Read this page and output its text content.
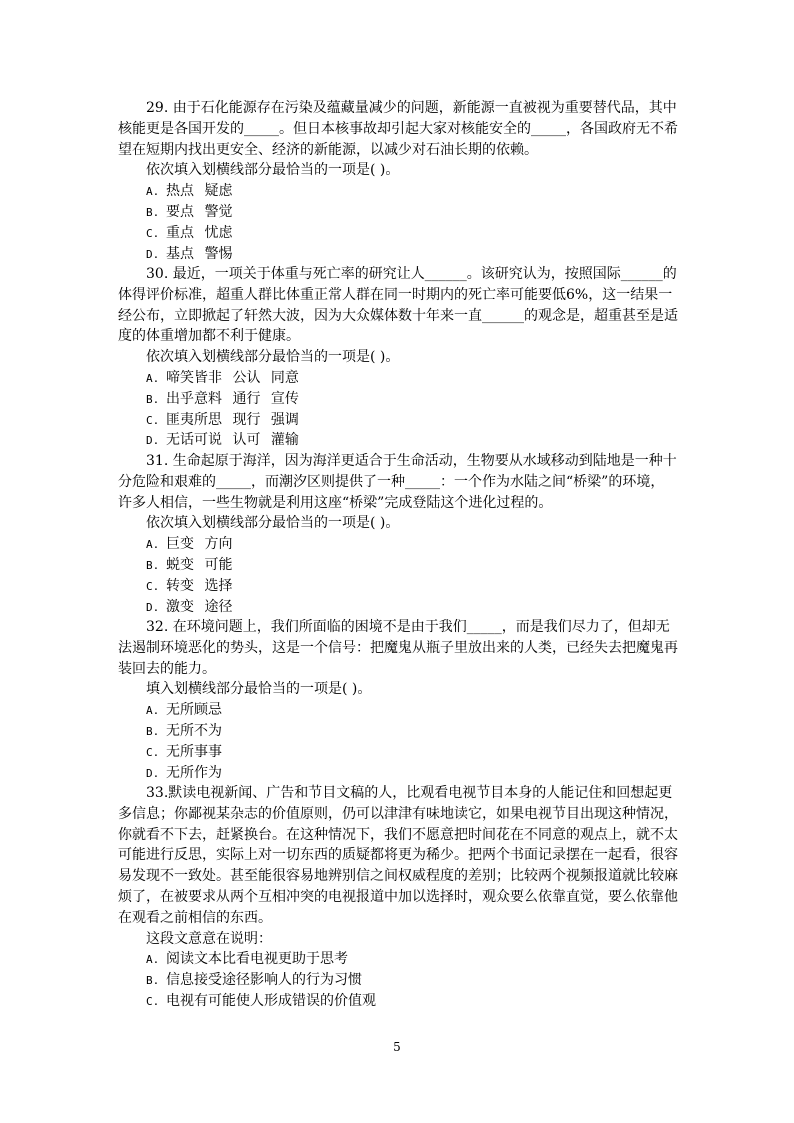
29. 由于石化能源存在污染及蕴藏量减少的问题，新能源一直被视为重要替代品，其中核能更是各国开发的_____。但日本核事故却引起大家对核能安全的_____，各国政府无不希望在短期内找出更安全、经济的新能源，以减少对石油长期的依赖。

依次填入划横线部分最恰当的一项是( )。

A. 热点 疑虑
B. 要点 警觉
C. 重点 忧虑
D. 基点 警惕

30. 最近，一项关于体重与死亡率的研究让人______。该研究认为，按照国际______的体得评价标准，超重人群比体重正常人群在同一时期内的死亡率可能要低6%，这一结果一经公布，立即掀起了轩然大波，因为大众媒体数十年来一直______的观念是，超重甚至是适度的体重增加都不利于健康。

依次填入划横线部分最恰当的一项是( )。

A. 啼笑皆非 公认 同意
B. 出乎意料 通行 宣传
C. 匪夷所思 现行 强调
D. 无话可说 认可 灌输

31. 生命起原于海洋，因为海洋更适合于生命活动，生物要从水域移动到陆地是一种十分危险和艰难的_____，而潮汐区则提供了一种_____：一个作为水陆之间“桥梁”的环境，许多人相信，一些生物就是利用这座“桥梁”完成登陆这个进化过程的。

依次填入划横线部分最恰当的一项是( )。

A. 巨变 方向
B. 蜕变 可能
C. 转变 选择
D. 激变 途径

32. 在环境问题上，我们所面临的困境不是由于我们_____，而是我们尽力了，但却无法遏制环境恶化的势头，这是一个信号：把魔鬼从瓶子里放出来的人类，已经失去把魔鬼再装回去的能力。

填入划横线部分最恰当的一项是( )。

A. 无所顾忌
B. 无所不为
C. 无所事事
D. 无所作为

33.默读电视新闻、广告和节目文稿的人，比观看电视节目本身的人能记住和回想起更多信息；你鄙视某杂志的价值原则，仍可以津津有味地读它，如果电视节目出现这种情况，你就看不下去，赶紧换台。在这种情况下，我们不愿意把时间花在不同意的观点上，就不太可能进行反思，实际上对一切东西的质疑都将更为稀少。把两个书面记录摆在一起看，很容易发现不一致处。甚至能很容易地辨别信之间权威程度的差别；比较两个视频报道就比较麻烦了，在被要求从两个互相冲突的电视报道中加以选择时，观众要么依靠直觉，要么依靠他在观看之前相信的东西。

这段文意意在说明：

A. 阅读文本比看电视更助于思考
B. 信息接受途径影响人的行为习惯
C. 电视有可能使人形成错误的价值观
5
